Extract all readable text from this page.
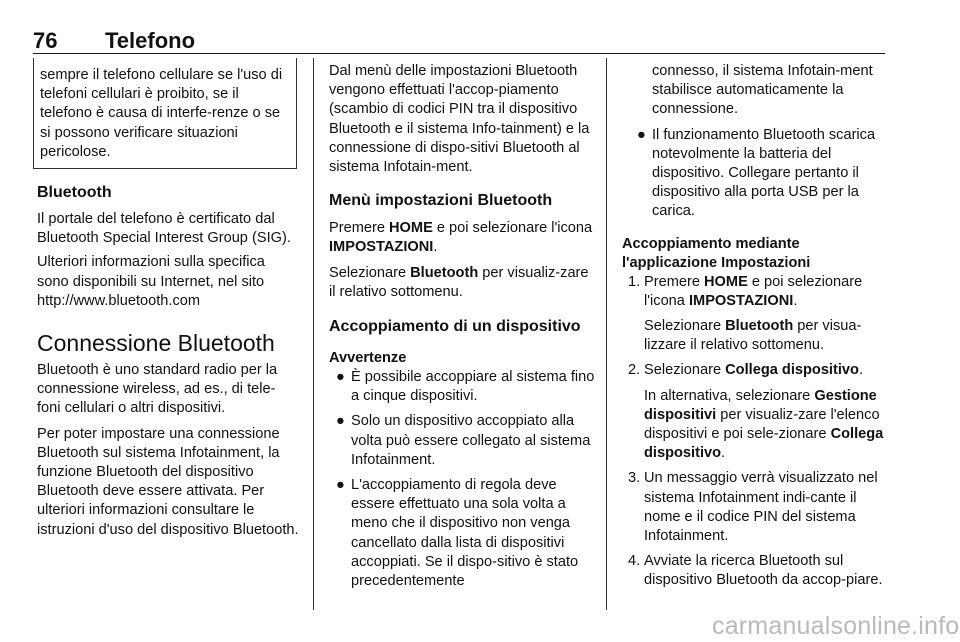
76 Telefono

sempre il telefono cellulare se l'uso di telefoni cellulari è proibito, se il telefono è causa di interfe-renze o se si possono verificare situazioni pericolose.

Bluetooth

Il portale del telefono è certificato dal Bluetooth Special Interest Group (SIG).

Ulteriori informazioni sulla specifica sono disponibili su Internet, nel sito http://www.bluetooth.com

Connessione Bluetooth

Bluetooth è uno standard radio per la connessione wireless, ad es., di tele-foni cellulari o altri dispositivi.

Per poter impostare una connessione Bluetooth sul sistema Infotainment, la funzione Bluetooth del dispositivo Bluetooth deve essere attivata. Per ulteriori informazioni consultare le istruzioni d'uso del dispositivo Bluetooth.

Dal menù delle impostazioni Bluetooth vengono effettuati l'accop-piamento (scambio di codici PIN tra il dispositivo Bluetooth e il sistema Info-tainment) e la connessione di dispo-sitivi Bluetooth al sistema Infotain-ment.

Menù impostazioni Bluetooth

Premere HOME e poi selezionare l'icona IMPOSTAZIONI.

Selezionare Bluetooth per visualiz-zare il relativo sottomenu.

Accoppiamento di un dispositivo
Avvertenze
● È possibile accoppiare al sistema fino a cinque dispositivi.
● Solo un dispositivo accoppiato alla volta può essere collegato al sistema Infotainment.
● L'accoppiamento di regola deve essere effettuato una sola volta a meno che il dispositivo non venga cancellato dalla lista di dispositivi accoppiati. Se il dispo-sitivo è stato precedentemente

connesso, il sistema Infotain-ment stabilisce automaticamente la connessione.

● Il funzionamento Bluetooth scarica notevolmente la batteria del dispositivo. Collegare pertanto il dispositivo alla porta USB per la carica.
Accoppiamento mediante l'applicazione Impostazioni
1. Premere HOME e poi selezionare l'icona IMPOSTAZIONI.

Selezionare Bluetooth per visua-lizzare il relativo sottomenu.

2. Selezionare Collega dispositivo.

In alternativa, selezionare Gestione dispositivi per visualiz-zare l'elenco dispositivi e poi sele-zionare Collega dispositivo.

3. Un messaggio verrà visualizzato nel sistema Infotainment indi-cante il nome e il codice PIN del sistema Infotainment.
4. Avviate la ricerca Bluetooth sul dispositivo Bluetooth da accop-piare.
carmanualsonline.info
